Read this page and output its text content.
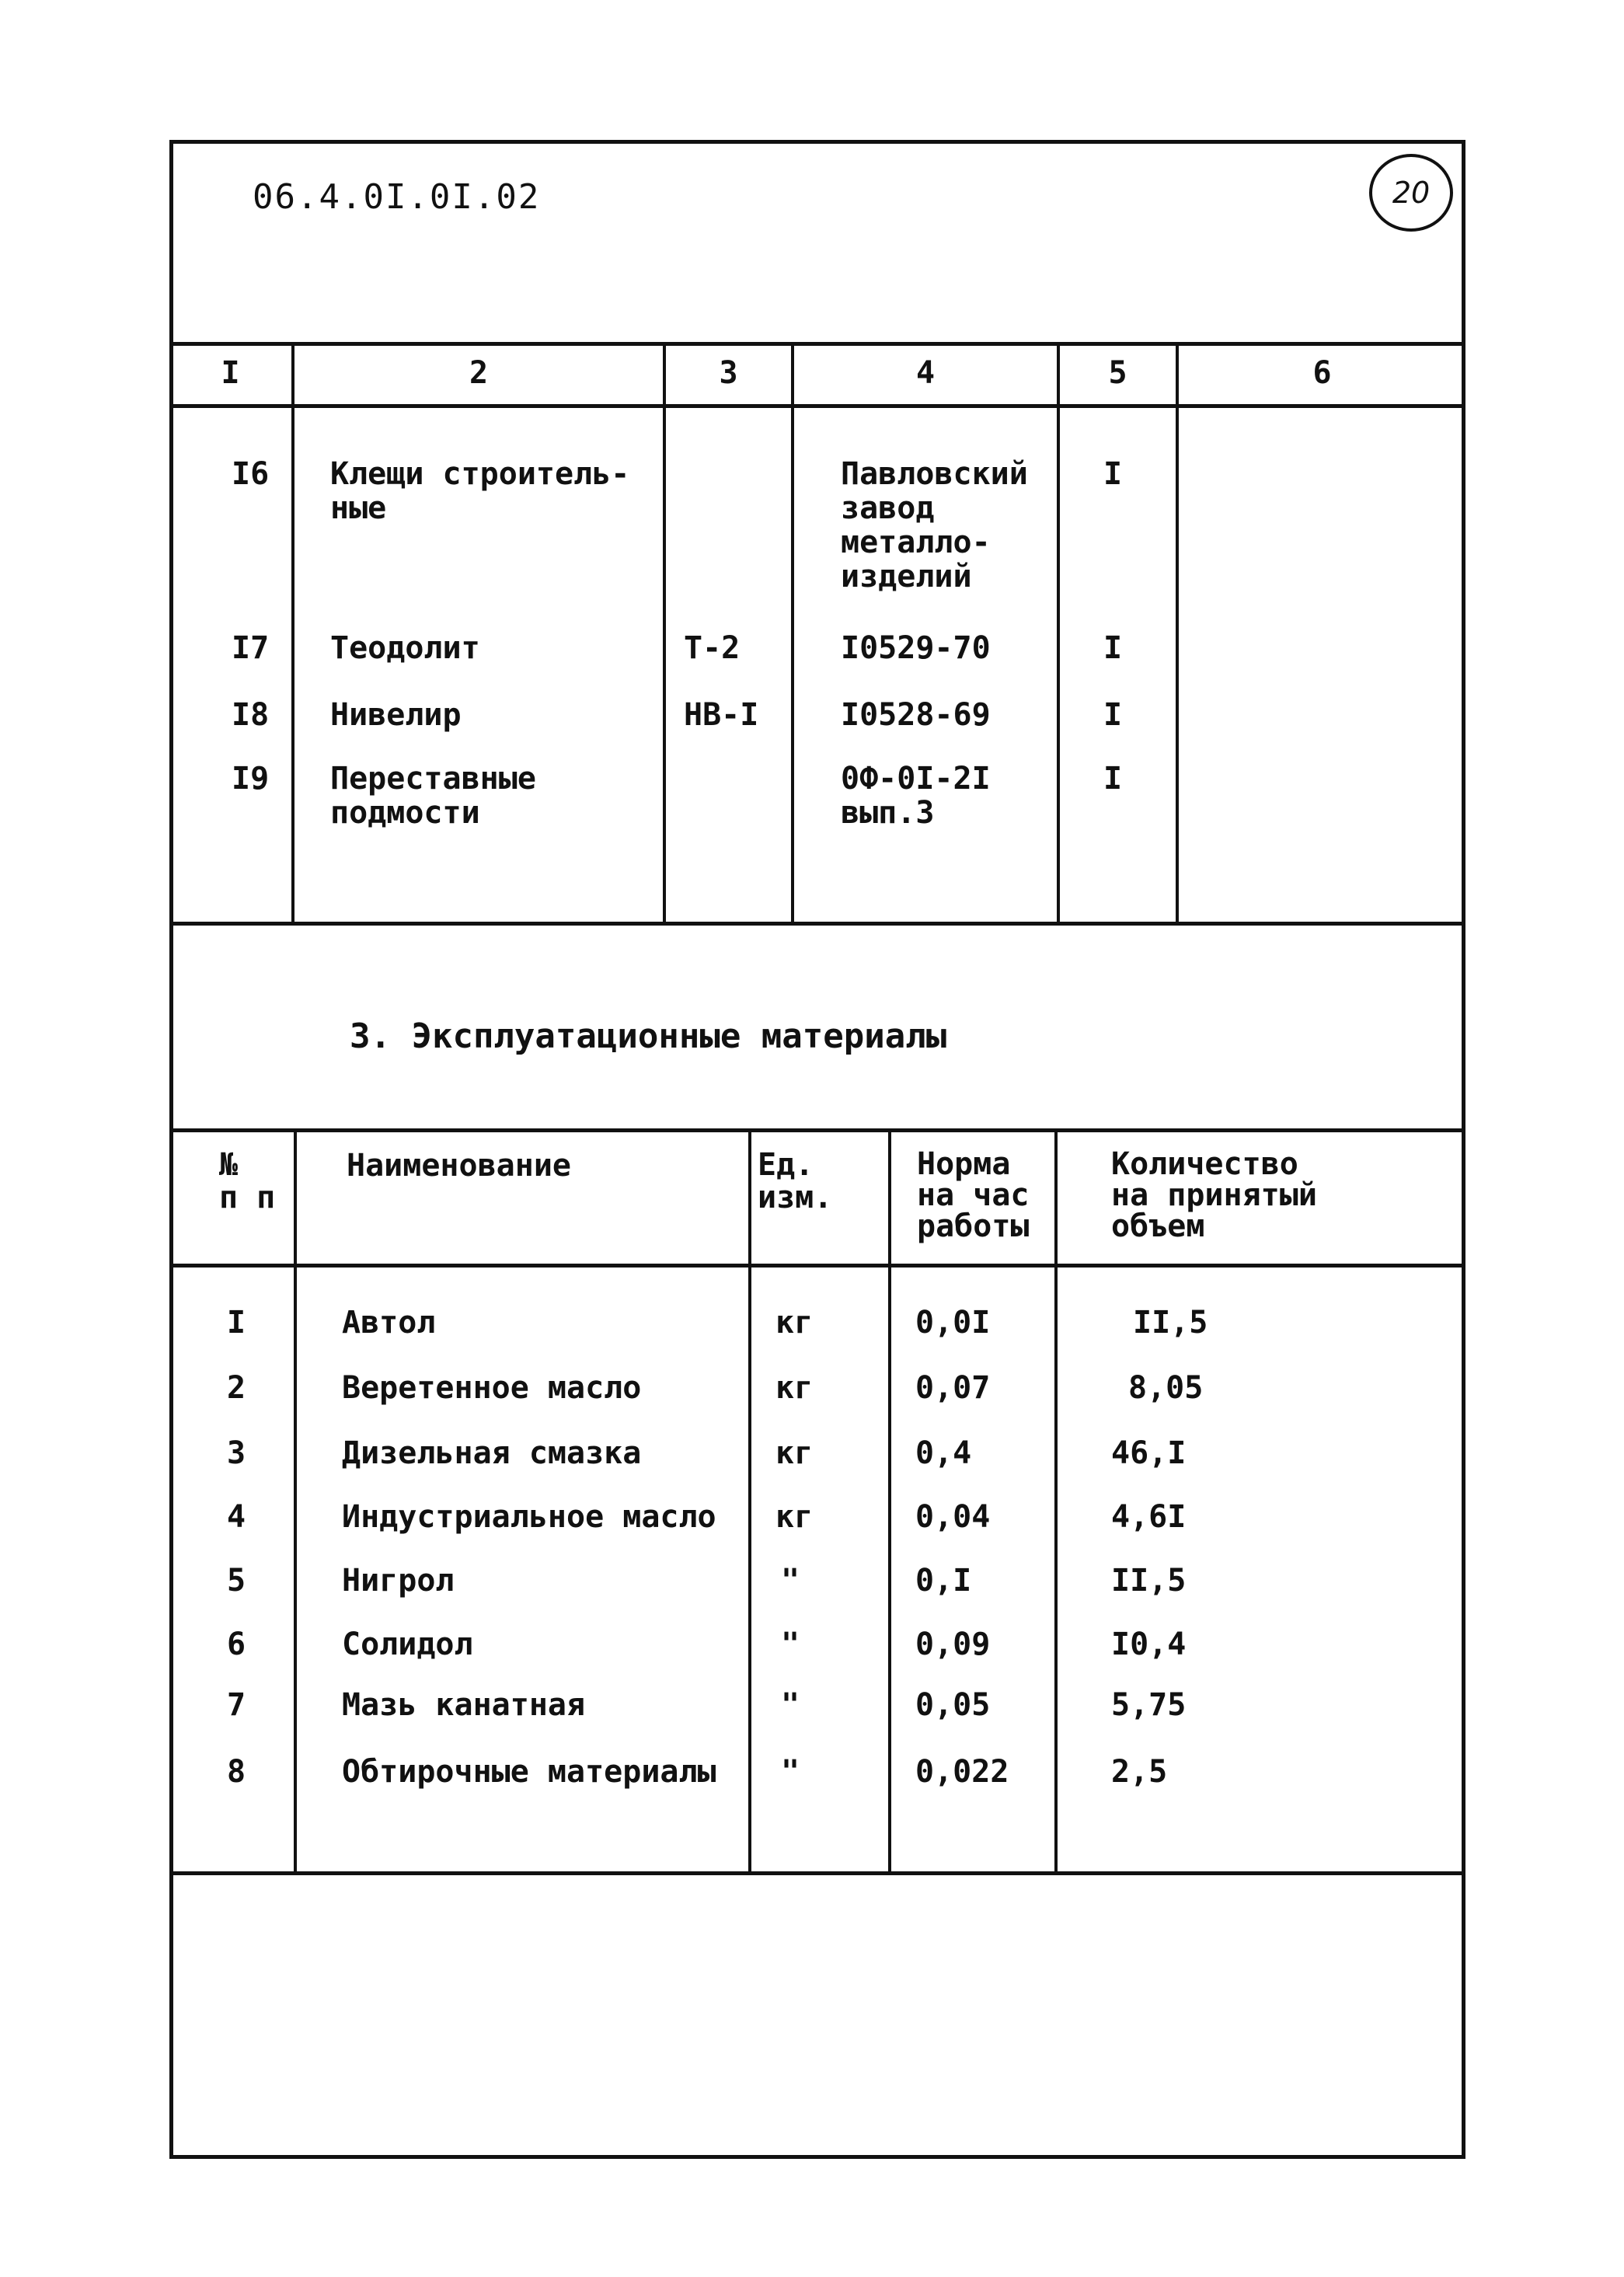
06.4.0I.0I.02	20
I	2	3	4	5	6
I6 Клещи строитель-
ные
Павловский
завод
металло-
изделий
I
I7 Теодолит	Т-2	I0529-70	I
I8 Нивелир	НВ-I	I0528-69	I
I9 Переставные
подмости
0Ф-0I-2I
вып.3
I
3. Эксплуатационные материалы
№
п п
Наименование	Ед.
изм.
Норма
на час
работы
Количество
на принятый
объем
I	Автол	кг	0,0I	II,5
2	Веретенное масло	кг	0,07	8,05
3	Дизельная смазка	кг	0,4	46,I
4	Индустриальное масло кг	0,04	4,6I
5	Нигрол	"	0,I	II,5
6	Солидол	"	0,09	I0,4
7	Мазь канатная	"	0,05	5,75
8	Обтирочные материалы "	0,022	2,5
